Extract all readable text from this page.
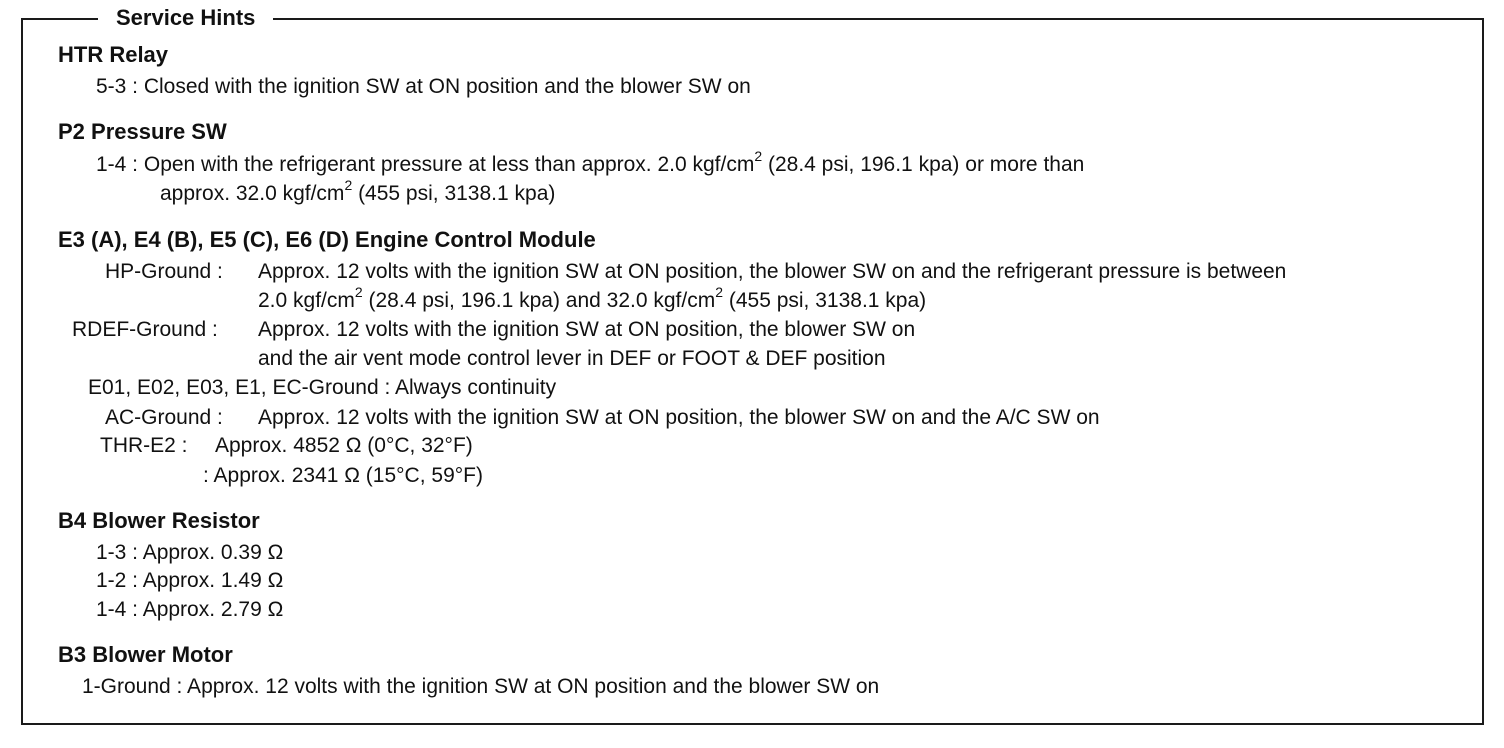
Service Hints
HTR Relay
5-3 : Closed with the ignition SW at ON position and the blower SW on
P2 Pressure SW
1-4 : Open with the refrigerant pressure at less than approx. 2.0 kgf/$cm^2$ (28.4 psi, 196.1 kpa) or more than
approx. 32.0 kgf/$cm^2$ (455 psi, 3138.1 kpa)
E3 (A), E4 (B), E5 (C), E6 (D) Engine Control Module
HP-Ground : Approx. 12 volts with the ignition SW at ON position, the blower SW on and the refrigerant pressure is between
2.0 kgf/$cm^2$ (28.4 psi, 196.1 kpa) and 32.0 kgf/$cm^2$ (455 psi, 3138.1 kpa)
RDEF-Ground : Approx. 12 volts with the ignition SW at ON position, the blower SW on
and the air vent mode control lever in DEF or FOOT & DEF position
E01, E02, E03, E1, EC-Ground : Always continuity
AC-Ground : Approx. 12 volts with the ignition SW at ON position, the blower SW on and the A/C SW on
THR-E2 : Approx. 4852 Ω (0°C, 32°F)
: Approx. 2341 Ω (15°C, 59°F)
B4 Blower Resistor
1-3 : Approx. 0.39 Ω
1-2 : Approx. 1.49 Ω
1-4 : Approx. 2.79 Ω
B3 Blower Motor
1-Ground : Approx. 12 volts with the ignition SW at ON position and the blower SW on
